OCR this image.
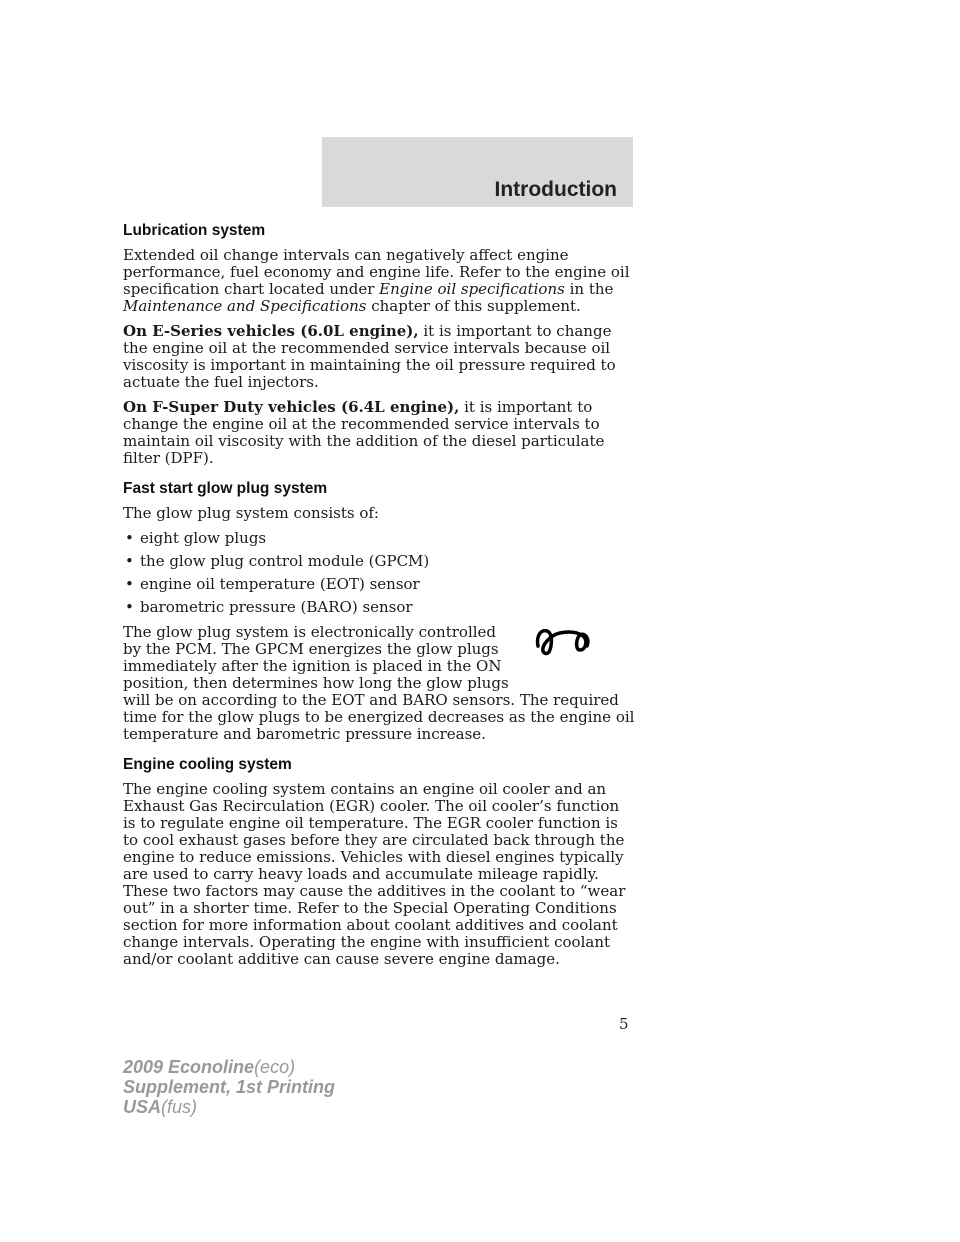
Introduction
Lubrication system

Extended oil change intervals can negatively affect engine performance, fuel economy and engine life. Refer to the engine oil specification chart located under Engine oil specifications in the Maintenance and Specifications chapter of this supplement.

On E-Series vehicles (6.0L engine), it is important to change the engine oil at the recommended service intervals because oil viscosity is important in maintaining the oil pressure required to actuate the fuel injectors.

On F-Super Duty vehicles (6.4L engine), it is important to change the engine oil at the recommended service intervals to maintain oil viscosity with the addition of the diesel particulate filter (DPF).

Fast start glow plug system

The glow plug system consists of:

• eight glow plugs
• the glow plug control module (GPCM)
• engine oil temperature (EOT) sensor
• barometric pressure (BARO) sensor

The glow plug system is electronically controlled by the PCM. The GPCM energizes the glow plugs immediately after the ignition is placed in the ON position, then determines how long the glow plugs will be on according to the EOT and BARO sensors. The required time for the glow plugs to be energized decreases as the engine oil temperature and barometric pressure increase.

Engine cooling system

The engine cooling system contains an engine oil cooler and an Exhaust Gas Recirculation (EGR) cooler. The oil cooler’s function is to regulate engine oil temperature. The EGR cooler function is to cool exhaust gases before they are circulated back through the engine to reduce emissions. Vehicles with diesel engines typically are used to carry heavy loads and accumulate mileage rapidly. These two factors may cause the additives in the coolant to “wear out” in a shorter time. Refer to the Special Operating Conditions section for more information about coolant additives and coolant change intervals. Operating the engine with insufficient coolant and/or coolant additive can cause severe engine damage.

5
2009 Econoline(eco)
Supplement, 1st Printing
USA(fus)
